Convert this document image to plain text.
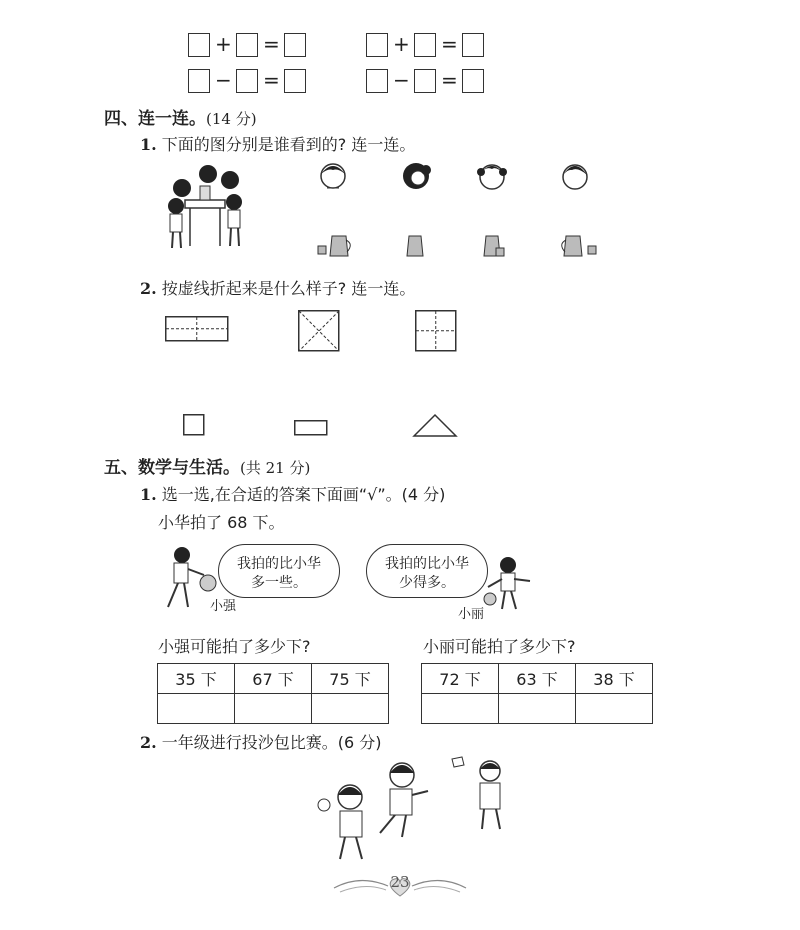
+ =
− =
+ =
− =
四、连一连。(14 分)
1. 下面的图分别是谁看到的? 连一连。
2. 按虚线折起来是什么样子? 连一连。
五、数学与生活。(共 21 分)
1. 选一选,在合适的答案下面画“√”。(4 分)
小华拍了 68 下。
我拍的比小华多一些。
小强
我拍的比小华少得多。
小丽
小强可能拍了多少下?	小丽可能拍了多少下?
35 下	67 下	75 下
			72 下	63 下	38 下

2. 一年级进行投沙包比赛。(6 分)
23
